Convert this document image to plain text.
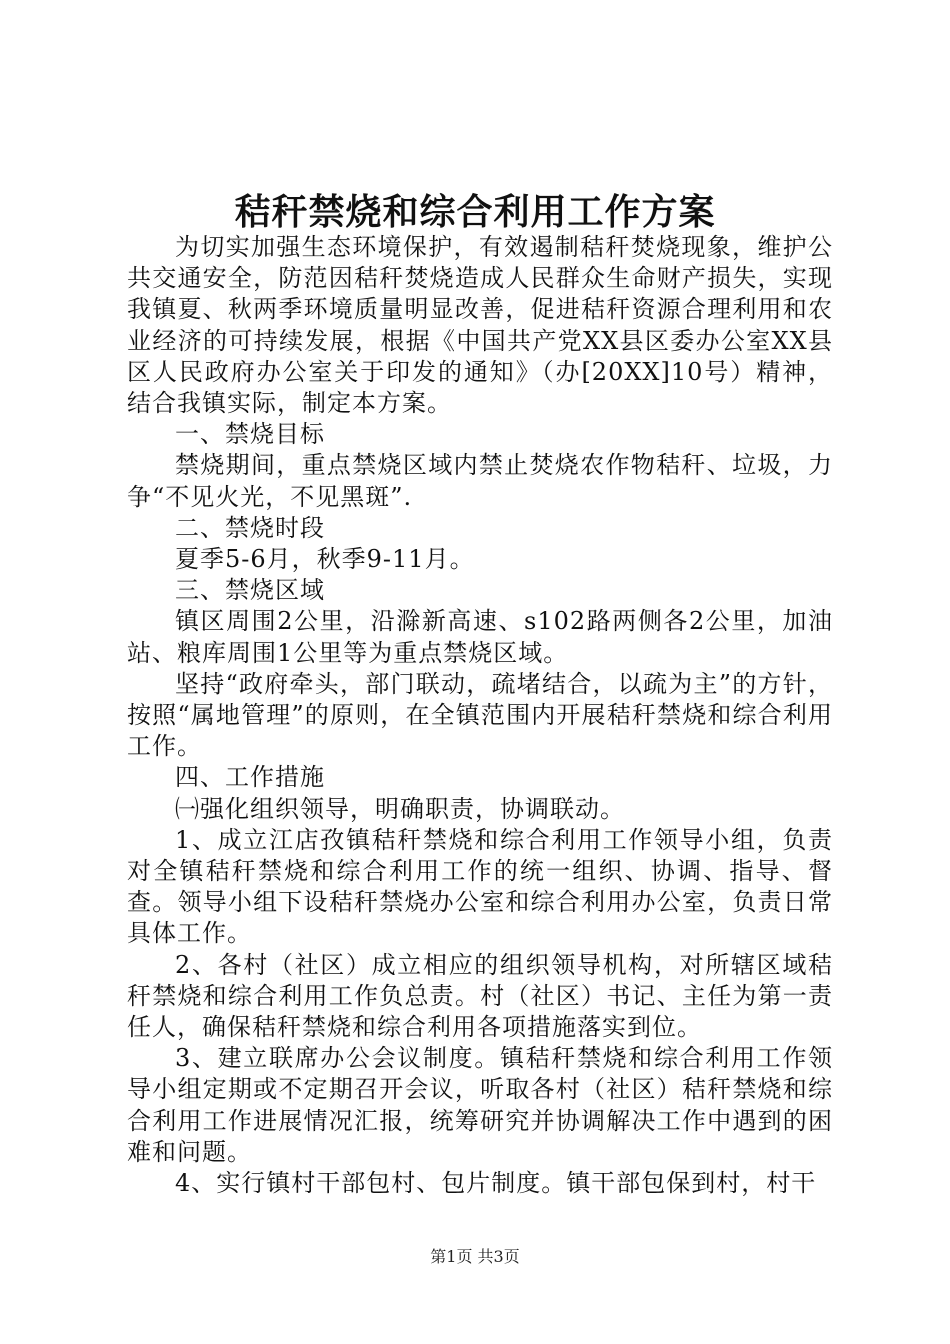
秸秆禁烧和综合利用工作方案

为切实加强生态环境保护，有效遏制秸秆焚烧现象，维护公共交通安全，防范因秸秆焚烧造成人民群众生命财产损失，实现我镇夏、秋两季环境质量明显改善，促进秸秆资源合理利用和农业经济的可持续发展，根据《中国共产党XX县区委办公室XX县区人民政府办公室关于印发的通知》（办[20XX]10号）精神，结合我镇实际，制定本方案。

一、禁烧目标

禁烧期间，重点禁烧区域内禁止焚烧农作物秸秆、垃圾，力争“不见火光，不见黑斑”.

二、禁烧时段

夏季5-6月，秋季9-11月。

三、禁烧区域

镇区周围2公里，沿滁新高速、s102路两侧各2公里，加油站、粮库周围1公里等为重点禁烧区域。

坚持“政府牵头，部门联动，疏堵结合，以疏为主”的方针，按照“属地管理”的原则，在全镇范围内开展秸秆禁烧和综合利用工作。

四、工作措施

㈠强化组织领导，明确职责，协调联动。

1、成立江店孜镇秸秆禁烧和综合利用工作领导小组，负责对全镇秸秆禁烧和综合利用工作的统一组织、协调、指导、督查。领导小组下设秸秆禁烧办公室和综合利用办公室，负责日常具体工作。

2、各村（社区）成立相应的组织领导机构，对所辖区域秸秆禁烧和综合利用工作负总责。村（社区）书记、主任为第一责任人，确保秸秆禁烧和综合利用各项措施落实到位。

3、建立联席办公会议制度。镇秸秆禁烧和综合利用工作领导小组定期或不定期召开会议，听取各村（社区）秸秆禁烧和综合利用工作进展情况汇报，统筹研究并协调解决工作中遇到的困难和问题。

4、实行镇村干部包村、包片制度。镇干部包保到村，村干

第1页 共3页
